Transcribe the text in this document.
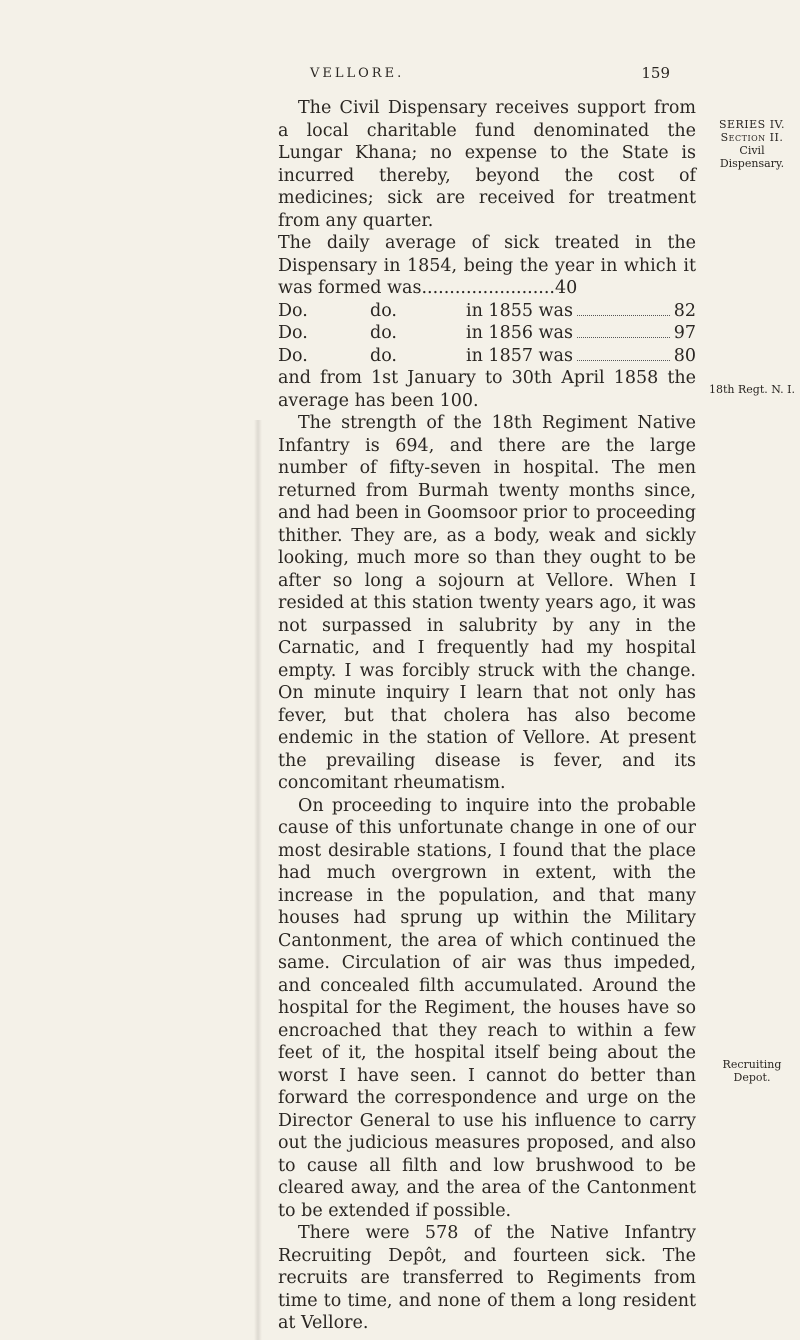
VELLORE.	159

The Civil Dispensary receives support from a local charitable fund denominated the Lungar Khana; no expense to the State is incurred thereby, beyond the cost of medicines; sick are received for treatment from any quarter.

The daily average of sick treated in the Dispensary in 1854, being the year in which it was formed was........................40

Do.	do.	in 1855 was	82
Do.	do.	in 1856 was	97
Do.	do.	in 1857 was	80

and from 1st January to 30th April 1858 the average has been 100.

The strength of the 18th Regiment Native Infantry is 694, and there are the large number of fifty-seven in hospital. The men returned from Burmah twenty months since, and had been in Goomsoor prior to proceeding thither. They are, as a body, weak and sickly looking, much more so than they ought to be after so long a sojourn at Vellore. When I resided at this station twenty years ago, it was not surpassed in salubrity by any in the Carnatic, and I frequently had my hospital empty. I was forcibly struck with the change. On minute inquiry I learn that not only has fever, but that cholera has also become endemic in the station of Vellore. At present the prevailing disease is fever, and its concomitant rheumatism.

On proceeding to inquire into the probable cause of this unfortunate change in one of our most desirable stations, I found that the place had much overgrown in extent, with the increase in the population, and that many houses had sprung up within the Military Cantonment, the area of which continued the same. Circulation of air was thus impeded, and concealed filth accumulated. Around the hospital for the Regiment, the houses have so encroached that they reach to within a few feet of it, the hospital itself being about the worst I have seen. I cannot do better than forward the correspondence and urge on the Director General to use his influence to carry out the judicious measures proposed, and also to cause all filth and low brushwood to be cleared away, and the area of the Cantonment to be extended if possible.

There were 578 of the Native Infantry Recruiting Depôt, and fourteen sick. The recruits are transferred to Regiments from time to time, and none of them a long resident at Vellore.

SERIES IV.
Section II.
Civil Dispensary.
18th Regt. N. I.
Recruiting Depot.
